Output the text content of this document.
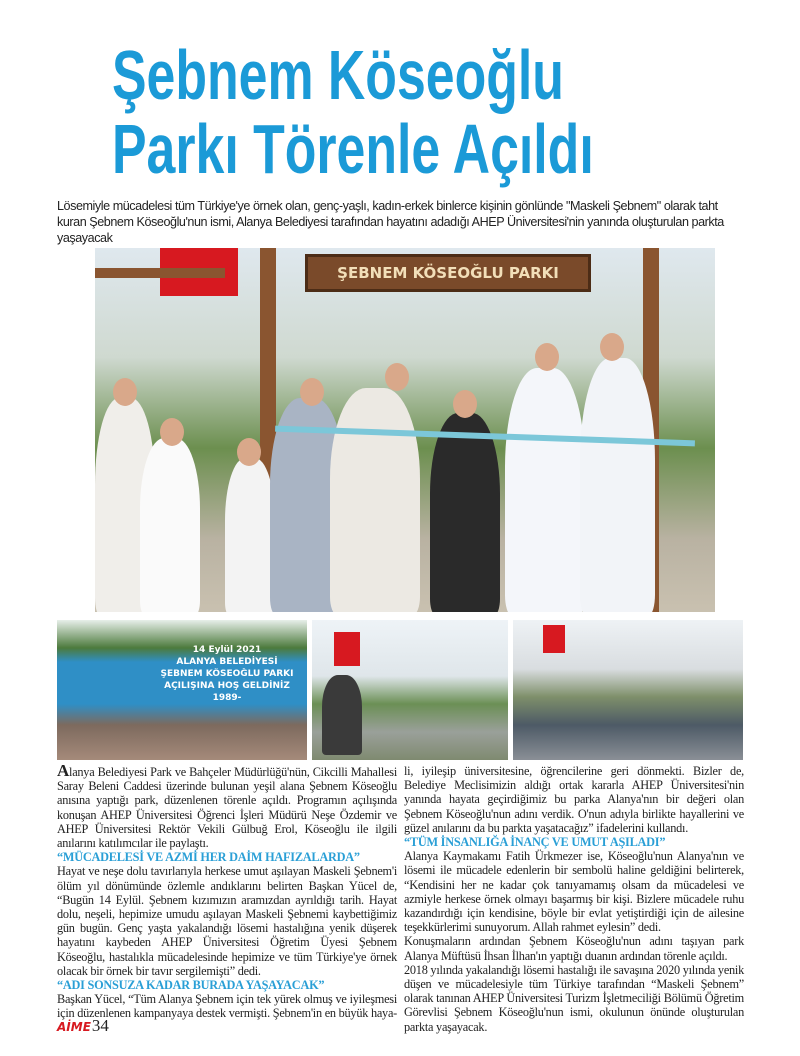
Şebnem Köseoğlu
Parkı Törenle Açıldı
Lösemiyle mücadelesi tüm Türkiye'ye örnek olan, genç-yaşlı, kadın-erkek binlerce kişinin gönlünde "Maskeli Şebnem" olarak taht kuran Şebnem Köseoğlu'nun ismi, Alanya Belediyesi tarafından hayatını adadığı AHEP Üniversitesi'nin yanında oluşturulan parkta yaşayacak
ŞEBNEM KÖSEOĞLU PARKI
14 Eylül 2021
ALANYA BELEDİYESİ
ŞEBNEM KÖSEOĞLU PARKI
AÇILIŞINA HOŞ GELDİNİZ
1989-

Alanya Belediyesi Park ve Bahçeler Müdürlüğü'nün, Cikcilli Mahallesi Saray Beleni Caddesi üzerinde bulunan yeşil alana Şebnem Köseoğlu anısına yaptığı park, düzenlenen törenle açıldı. Programın açılışında konuşan AHEP Üniversitesi Öğrenci İşleri Müdürü Neşe Özdemir ve AHEP Üniversitesi Rektör Vekili Gülbuğ Erol, Köseoğlu ile ilgili anılarını katılımcılar ile paylaştı.

“MÜCADELESİ VE AZMİ HER DAİM HAFIZALARDA”

Hayat ve neşe dolu tavırlarıyla herkese umut aşılayan Maskeli Şebnem'i ölüm yıl dönümünde özlemle andıklarını belirten Başkan Yücel de, “Bugün 14 Eylül. Şebnem kızımızın aramızdan ayrıldığı tarih. Hayat dolu, neşeli, hepimize umudu aşılayan Maskeli Şebnemi kaybettiğimiz gün bugün. Genç yaşta yakalandığı lösemi hastalığına yenik düşerek hayatını kaybeden AHEP Üniversitesi Öğretim Üyesi Şebnem Köseoğlu, hastalıkla mücadelesinde hepimize ve tüm Türkiye'ye örnek olacak bir örnek bir tavır sergilemişti” dedi.

“ADI SONSUZA KADAR BURADA YAŞAYACAK”

Başkan Yücel, “Tüm Alanya Şebnem için tek yürek olmuş ve iyileşmesi için düzenlenen kampanyaya destek vermişti. Şebnem'in en büyük haya-

li, iyileşip üniversitesine, öğrencilerine geri dönmekti. Bizler de, Belediye Meclisimizin aldığı ortak kararla AHEP Üniversitesi'nin yanında hayata geçirdiğimiz bu parka Alanya'nın bir değeri olan Şebnem Köseoğlu'nun adını verdik. O'nun adıyla birlikte hayallerini ve güzel anılarını da bu parkta yaşatacağız” ifadelerini kullandı.

“TÜM İNSANLIĞA İNANÇ VE UMUT AŞILADI”

Alanya Kaymakamı Fatih Ürkmezer ise, Köseoğlu'nun Alanya'nın ve lösemi ile mücadele edenlerin bir sembolü haline geldiğini belirterek, “Kendisini her ne kadar çok tanıyamamış olsam da mücadelesi ve azmiyle herkese örnek olmayı başarmış bir kişi. Bizlere mücadele ruhu kazandırdığı için kendisine, böyle bir evlat yetiştirdiği için de ailesine teşekkürlerimi sunuyorum. Allah rahmet eylesin” dedi.

Konuşmaların ardından Şebnem Köseoğlu'nun adını taşıyan park Alanya Müftüsü İhsan İlhan'ın yaptığı duanın ardından törenle açıldı.

2018 yılında yakalandığı lösemi hastalığı ile savaşına 2020 yılında yenik düşen ve mücadelesiyle tüm Türkiye tarafından “Maskeli Şebnem” olarak tanınan AHEP Üniversitesi Turizm İşletmeciliği Bölümü Öğretim Görevlisi Şebnem Köseoğlu'nun ismi, okulunun önünde oluşturulan parkta yaşayacak.

AİME 34
